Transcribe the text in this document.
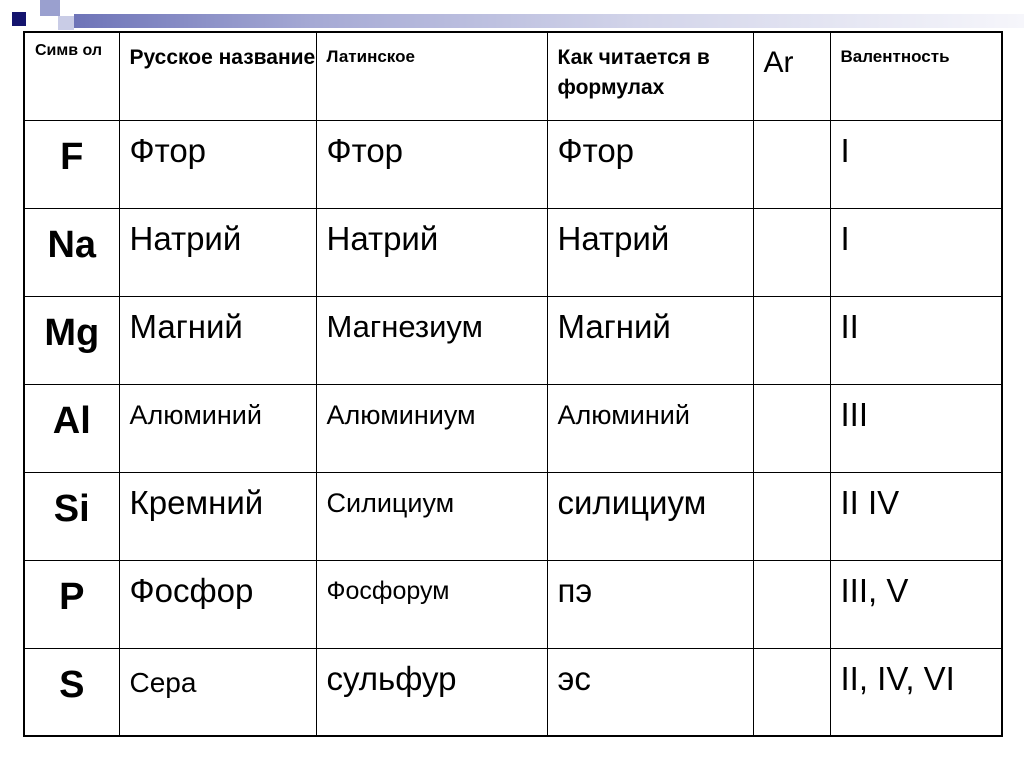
Симв ол	Русское название	Латинское	Как читается в формулах	Ar	Валентность

F	Фтор	Фтор	Фтор		I

Na	Натрий	Натрий	Натрий		I

Mg	Магний	Магнезиум	Магний		II

Al	Алюминий	Алюминиум	Алюминий		III

Si	Кремний	Силициум	силициум		II IV

P	Фосфор	Фосфорум	пэ		III, V

S	Сера	сульфур	эс		II, IV, VI
